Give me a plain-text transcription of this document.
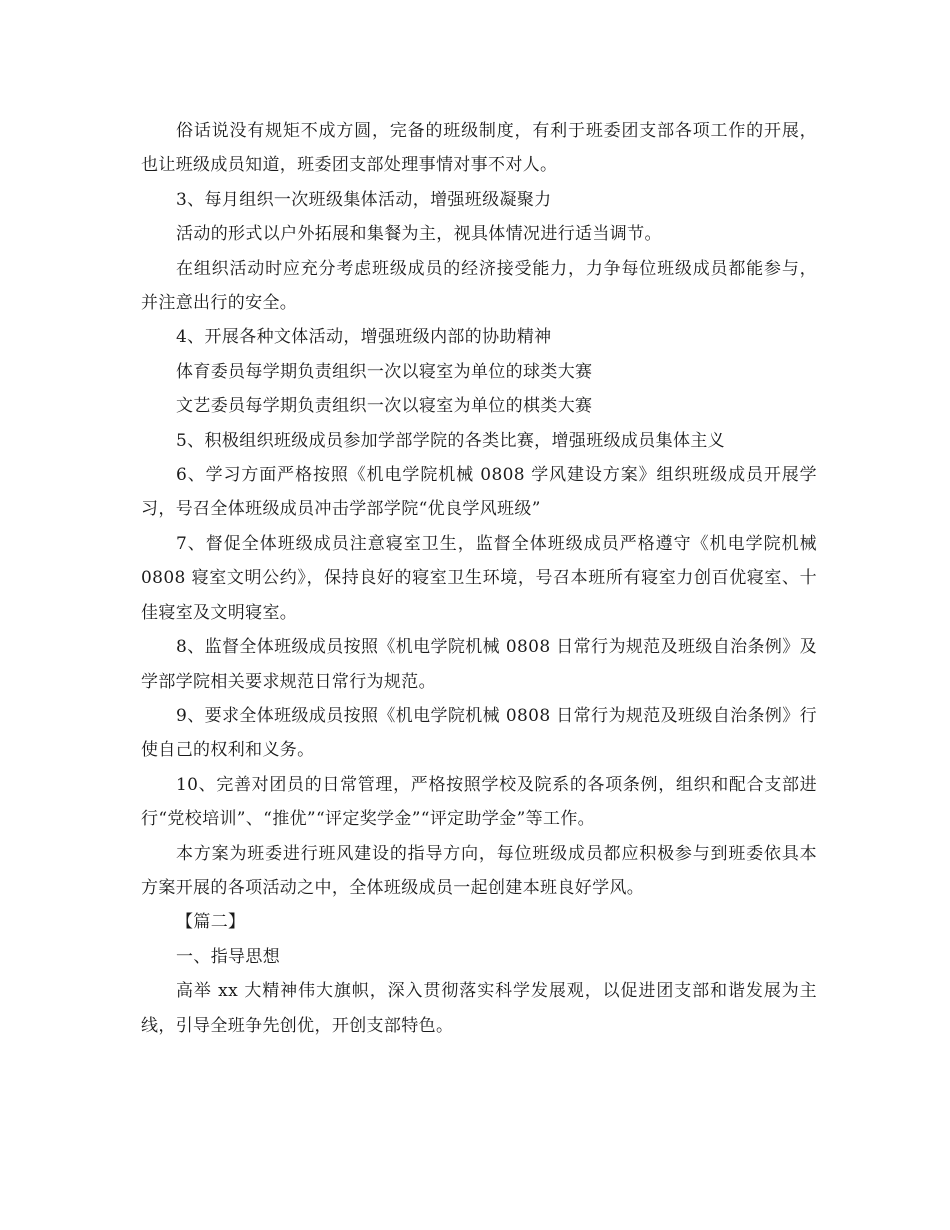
俗话说没有规矩不成方圆，完备的班级制度，有利于班委团支部各项工作的开展，也让班级成员知道，班委团支部处理事情对事不对人。

3、每月组织一次班级集体活动，增强班级凝聚力

活动的形式以户外拓展和集餐为主，视具体情况进行适当调节。

在组织活动时应充分考虑班级成员的经济接受能力，力争每位班级成员都能参与，并注意出行的安全。

4、开展各种文体活动，增强班级内部的协助精神

体育委员每学期负责组织一次以寝室为单位的球类大赛

文艺委员每学期负责组织一次以寝室为单位的棋类大赛

5、积极组织班级成员参加学部学院的各类比赛，增强班级成员集体主义

6、学习方面严格按照《机电学院机械 0808 学风建设方案》组织班级成员开展学习，号召全体班级成员冲击学部学院“优良学风班级”

7、督促全体班级成员注意寝室卫生，监督全体班级成员严格遵守《机电学院机械 0808 寝室文明公约》，保持良好的寝室卫生环境，号召本班所有寝室力创百优寝室、十佳寝室及文明寝室。

8、监督全体班级成员按照《机电学院机械 0808 日常行为规范及班级自治条例》及学部学院相关要求规范日常行为规范。

9、要求全体班级成员按照《机电学院机械 0808 日常行为规范及班级自治条例》行使自己的权利和义务。

10、完善对团员的日常管理，严格按照学校及院系的各项条例，组织和配合支部进行“党校培训”、“推优”“评定奖学金”“评定助学金”等工作。

本方案为班委进行班风建设的指导方向，每位班级成员都应积极参与到班委依具本方案开展的各项活动之中，全体班级成员一起创建本班良好学风。

【篇二】

一、指导思想

高举 xx 大精神伟大旗帜，深入贯彻落实科学发展观，以促进团支部和谐发展为主线，引导全班争先创优，开创支部特色。
